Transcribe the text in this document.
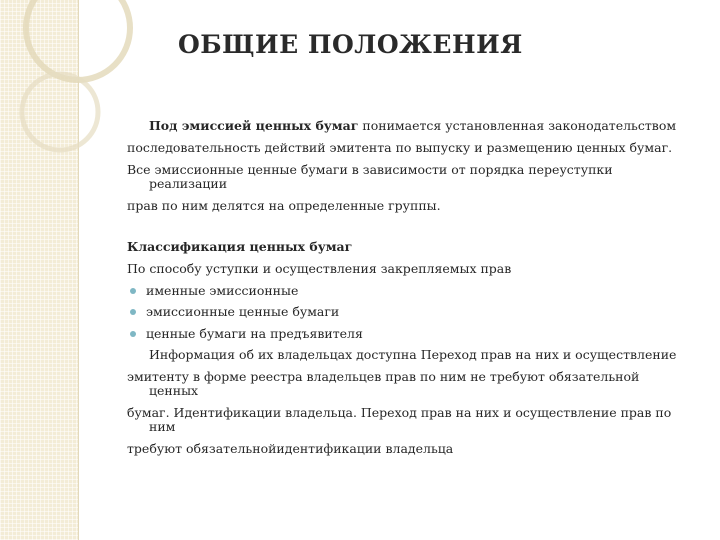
ОБЩИЕ ПОЛОЖЕНИЯ
Под эмиссией ценных бумаг понимается установленная законодательством
последовательность действий эмитента по выпуску и размещению ценных бумаг.
Все эмиссионные ценные бумаги в зависимости от порядка переуступки
реализации
прав по ним делятся на определенные группы.
Классификация ценных бумаг
По способу уступки и осуществления закрепляемых прав
именные эмиссионные
эмиссионные ценные бумаги
ценные бумаги на предъявителя
Информация об их владельцах доступна Переход прав на них и осуществление
эмитенту в форме реестра владельцев прав по ним не требуют обязательной
ценных
бумаг. Идентификации владельца. Переход прав на них и осуществление прав по
ним
требуют обязательнойидентификации владельца
